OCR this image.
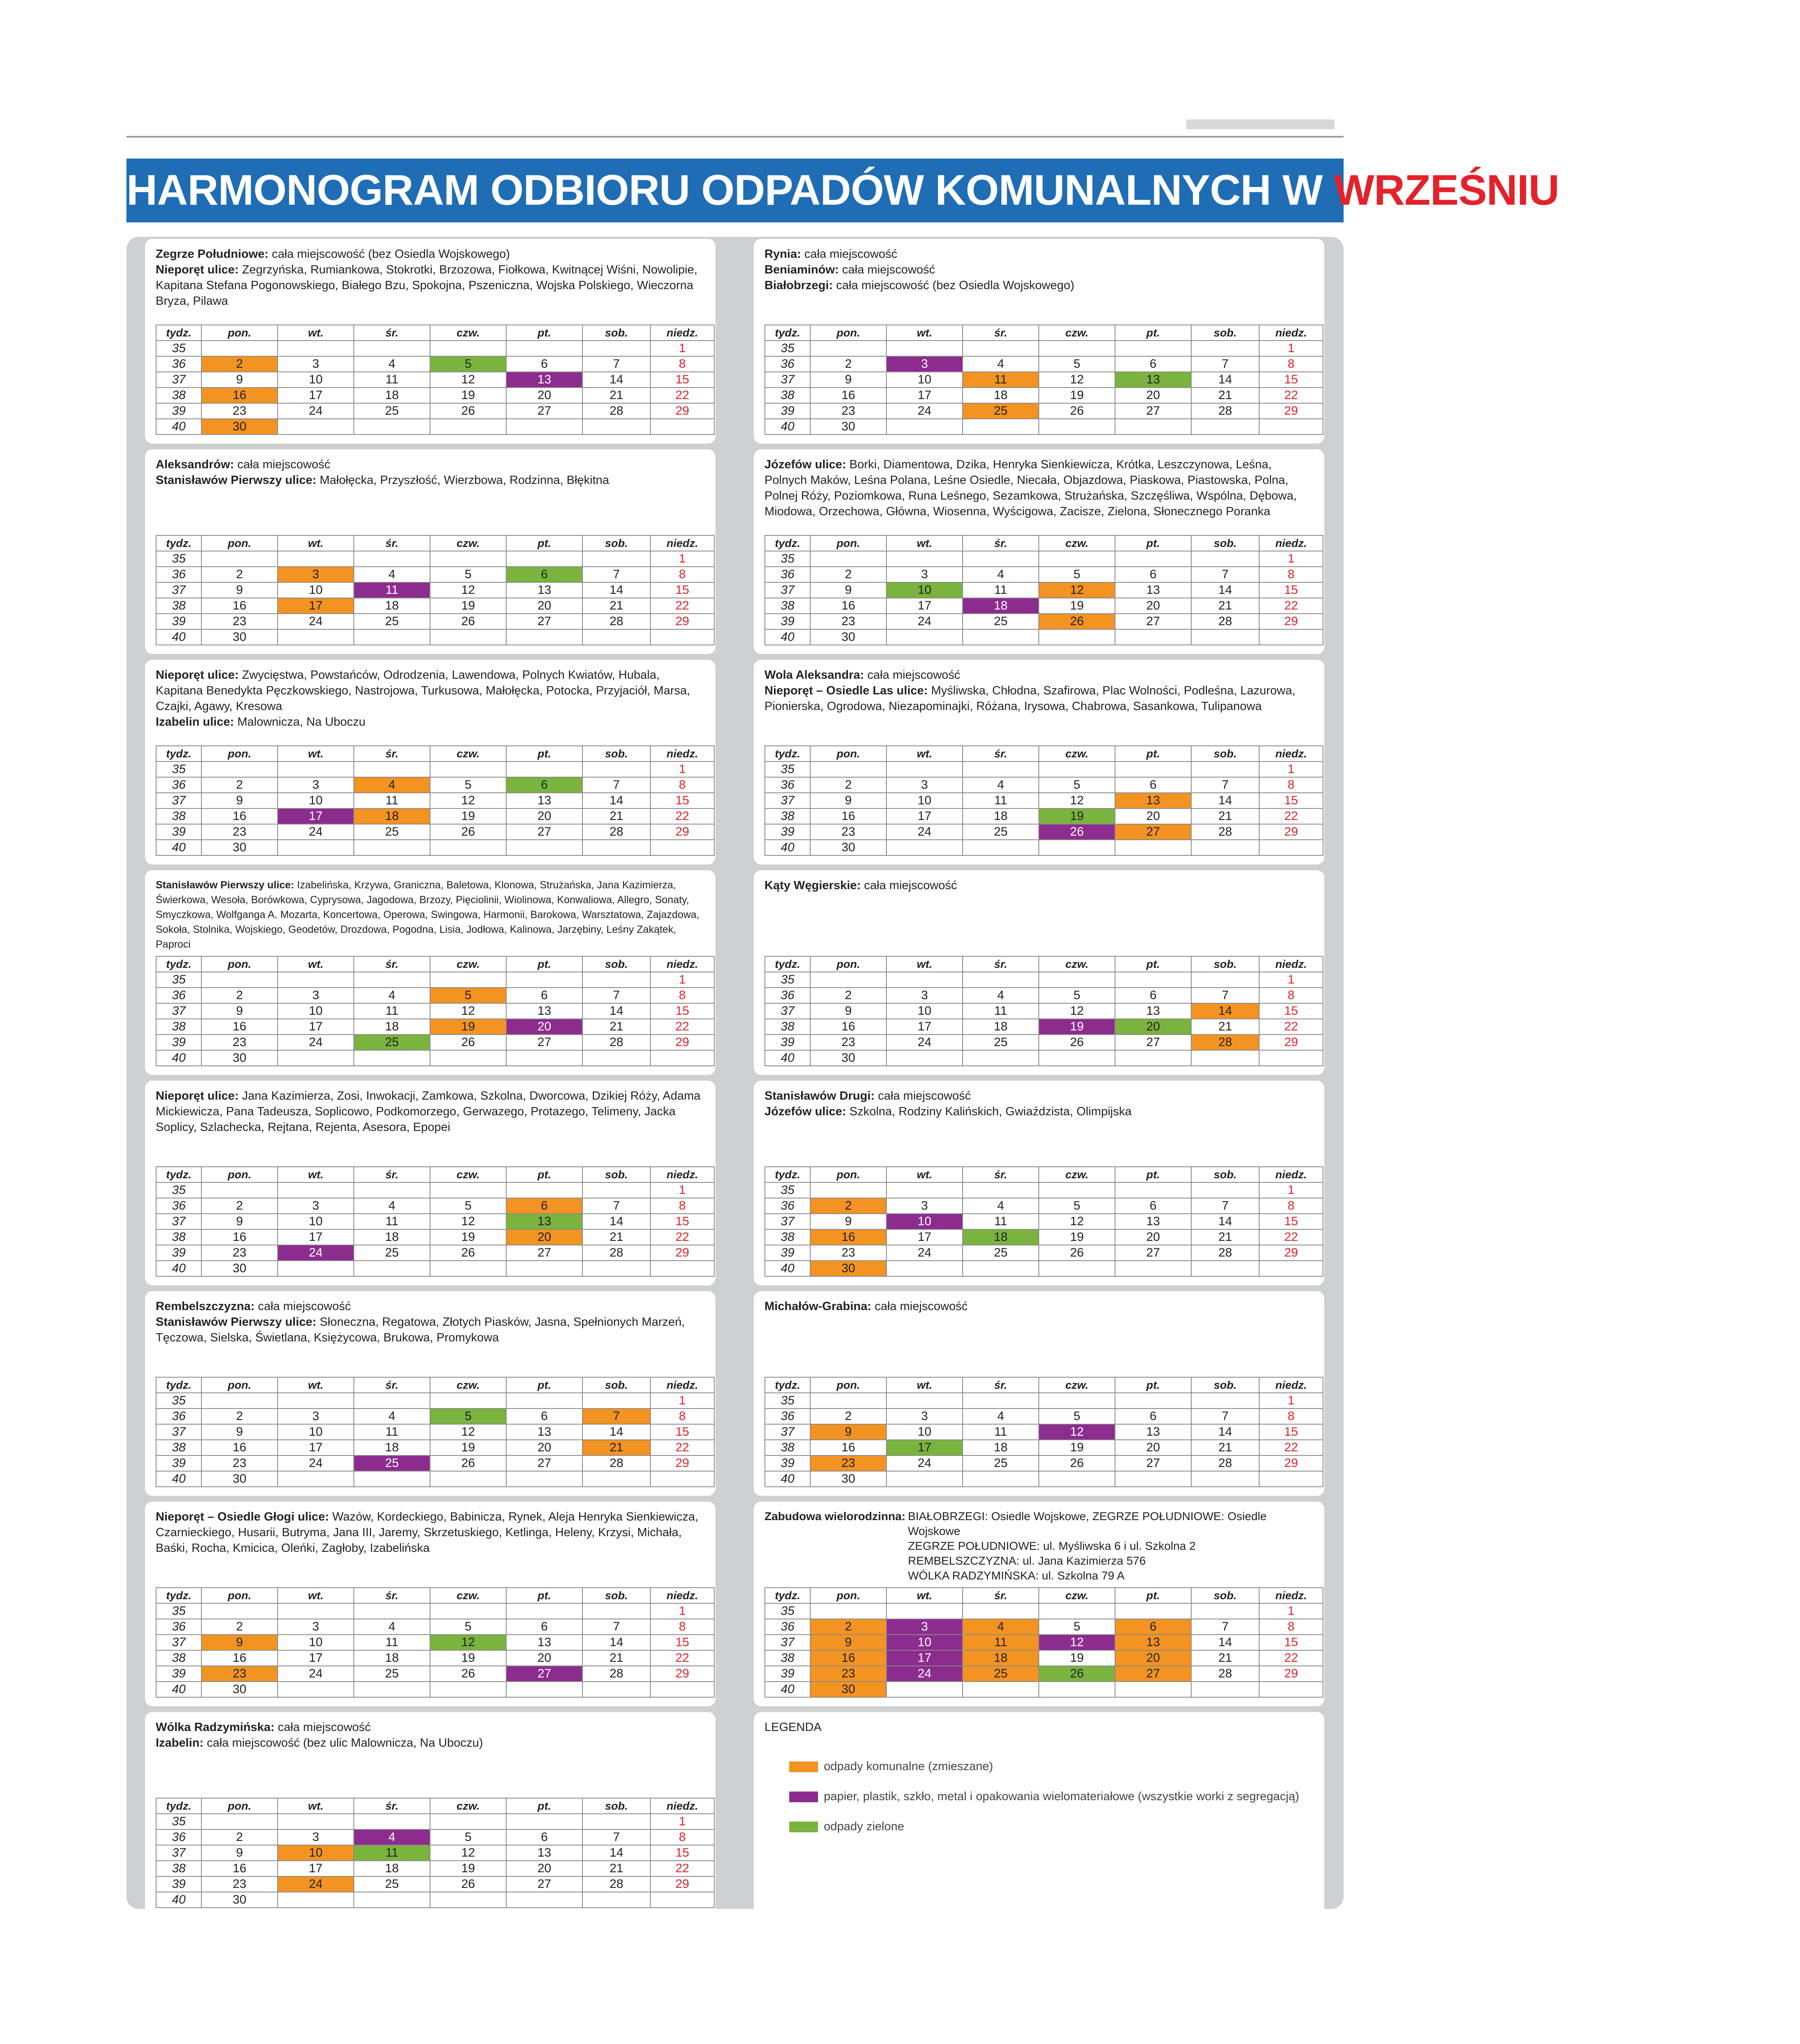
HARMONOGRAM ODBIORU ODPADÓW KOMUNALNYCH W WRZEŚNIU 2019 ROKU

Zegrze Południowe: cała miejscowość (bez Osiedla Wojskowego)

Nieporęt ulice: Zegrzyńska, Rumiankowa, Stokrotki, Brzozowa, Fiołkowa, Kwitnącej Wiśni, Nowolipie, Kapitana Stefana Pogonowskiego, Białego Bzu, Spokojna, Pszeniczna, Wojska Polskiego, Wieczorna Bryza, Pilawa

tydz.	pon.	wt.	śr.	czw.	pt.	sob.	niedz.
35							1
36	2	3	4	5	6	7	8
37	9	10	11	12	13	14	15
38	16	17	18	19	20	21	22
39	23	24	25	26	27	28	29
40	30						

Aleksandrów: cała miejscowość

Stanisławów Pierwszy ulice: Małołęcka, Przyszłość, Wierzbowa, Rodzinna, Błękitna

tydz.	pon.	wt.	śr.	czw.	pt.	sob.	niedz.
35							1
36	2	3	4	5	6	7	8
37	9	10	11	12	13	14	15
38	16	17	18	19	20	21	22
39	23	24	25	26	27	28	29
40	30						

Nieporęt ulice: Zwycięstwa, Powstańców, Odrodzenia, Lawendowa, Polnych Kwiatów, Hubala, Kapitana Benedykta Pęczkowskiego, Nastrojowa, Turkusowa, Małołęcka, Potocka, Przyjaciół, Marsa, Czajki, Agawy, Kresowa

Izabelin ulice: Malownicza, Na Uboczu

tydz.	pon.	wt.	śr.	czw.	pt.	sob.	niedz.
35							1
36	2	3	4	5	6	7	8
37	9	10	11	12	13	14	15
38	16	17	18	19	20	21	22
39	23	24	25	26	27	28	29
40	30						

Stanisławów Pierwszy ulice: Izabelińska, Krzywa, Graniczna, Baletowa, Klonowa, Strużańska, Jana Kazimierza, Świerkowa, Wesoła, Borówkowa, Cyprysowa, Jagodowa, Brzozy, Pięciolinii, Wiolinowa, Konwaliowa, Allegro, Sonaty, Smyczkowa, Wolfganga A. Mozarta, Koncertowa, Operowa, Swingowa, Harmonii, Barokowa, Warsztatowa, Zajazdowa, Sokoła, Stolnika, Wojskiego, Geodetów, Drozdowa, Pogodna, Lisia, Jodłowa, Kalinowa, Jarzębiny, Leśny Zakątek, Paproci

tydz.	pon.	wt.	śr.	czw.	pt.	sob.	niedz.
35							1
36	2	3	4	5	6	7	8
37	9	10	11	12	13	14	15
38	16	17	18	19	20	21	22
39	23	24	25	26	27	28	29
40	30						

Nieporęt ulice: Jana Kazimierza, Zosi, Inwokacji, Zamkowa, Szkolna, Dworcowa, Dzikiej Róży, Adama Mickiewicza, Pana Tadeusza, Soplicowo, Podkomorzego, Gerwazego, Protazego, Telimeny, Jacka Soplicy, Szlachecka, Rejtana, Rejenta, Asesora, Epopei

tydz.	pon.	wt.	śr.	czw.	pt.	sob.	niedz.
35							1
36	2	3	4	5	6	7	8
37	9	10	11	12	13	14	15
38	16	17	18	19	20	21	22
39	23	24	25	26	27	28	29
40	30						

Rembelszczyzna: cała miejscowość

Stanisławów Pierwszy ulice: Słoneczna, Regatowa, Złotych Piasków, Jasna, Spełnionych Marzeń, Tęczowa, Sielska, Świetlana, Księżycowa, Brukowa, Promykowa

tydz.	pon.	wt.	śr.	czw.	pt.	sob.	niedz.
35							1
36	2	3	4	5	6	7	8
37	9	10	11	12	13	14	15
38	16	17	18	19	20	21	22
39	23	24	25	26	27	28	29
40	30						

Nieporęt – Osiedle Głogi ulice: Wazów, Kordeckiego, Babinicza, Rynek, Aleja Henryka Sienkiewicza, Czarnieckiego, Husarii, Butryma, Jana III, Jaremy, Skrzetuskiego, Ketlinga, Heleny, Krzysi, Michała, Baśki, Rocha, Kmicica, Oleńki, Zagłoby, Izabelińska

tydz.	pon.	wt.	śr.	czw.	pt.	sob.	niedz.
35							1
36	2	3	4	5	6	7	8
37	9	10	11	12	13	14	15
38	16	17	18	19	20	21	22
39	23	24	25	26	27	28	29
40	30						

Wólka Radzymińska: cała miejscowość

Izabelin: cała miejscowość (bez ulic Malownicza, Na Uboczu)

tydz.	pon.	wt.	śr.	czw.	pt.	sob.	niedz.
35							1
36	2	3	4	5	6	7	8
37	9	10	11	12	13	14	15
38	16	17	18	19	20	21	22
39	23	24	25	26	27	28	29
40	30						

Rynia: cała miejscowość

Beniaminów: cała miejscowość

Białobrzegi: cała miejscowość (bez Osiedla Wojskowego)

tydz.	pon.	wt.	śr.	czw.	pt.	sob.	niedz.
35							1
36	2	3	4	5	6	7	8
37	9	10	11	12	13	14	15
38	16	17	18	19	20	21	22
39	23	24	25	26	27	28	29
40	30						

Józefów ulice: Borki, Diamentowa, Dzika, Henryka Sienkiewicza, Krótka, Leszczynowa, Leśna, Polnych Maków, Leśna Polana, Leśne Osiedle, Niecała, Objazdowa, Piaskowa, Piastowska, Polna, Polnej Róży, Poziomkowa, Runa Leśnego, Sezamkowa, Strużańska, Szczęśliwa, Wspólna, Dębowa, Miodowa, Orzechowa, Główna, Wiosenna, Wyścigowa, Zacisze, Zielona, Słonecznego Poranka

tydz.	pon.	wt.	śr.	czw.	pt.	sob.	niedz.
35							1
36	2	3	4	5	6	7	8
37	9	10	11	12	13	14	15
38	16	17	18	19	20	21	22
39	23	24	25	26	27	28	29
40	30						

Wola Aleksandra: cała miejscowość

Nieporęt – Osiedle Las ulice: Myśliwska, Chłodna, Szafirowa, Plac Wolności, Podleśna, Lazurowa, Pionierska, Ogrodowa, Niezapominajki, Różana, Irysowa, Chabrowa, Sasankowa, Tulipanowa

tydz.	pon.	wt.	śr.	czw.	pt.	sob.	niedz.
35							1
36	2	3	4	5	6	7	8
37	9	10	11	12	13	14	15
38	16	17	18	19	20	21	22
39	23	24	25	26	27	28	29
40	30						

Kąty Węgierskie: cała miejscowość

tydz.	pon.	wt.	śr.	czw.	pt.	sob.	niedz.
35							1
36	2	3	4	5	6	7	8
37	9	10	11	12	13	14	15
38	16	17	18	19	20	21	22
39	23	24	25	26	27	28	29
40	30						

Stanisławów Drugi: cała miejscowość

Józefów ulice: Szkolna, Rodziny Kalińskich, Gwiaździsta, Olimpijska

tydz.	pon.	wt.	śr.	czw.	pt.	sob.	niedz.
35							1
36	2	3	4	5	6	7	8
37	9	10	11	12	13	14	15
38	16	17	18	19	20	21	22
39	23	24	25	26	27	28	29
40	30						

Michałów-Grabina: cała miejscowość

tydz.	pon.	wt.	śr.	czw.	pt.	sob.	niedz.
35							1
36	2	3	4	5	6	7	8
37	9	10	11	12	13	14	15
38	16	17	18	19	20	21	22
39	23	24	25	26	27	28	29
40	30						
Zabudowa wielorodzinna: BIAŁOBRZEGI: Osiedle Wojskowe, ZEGRZE POŁUDNIOWE: Osiedle Wojskowe
ZEGRZE POŁUDNIOWE: ul. Myśliwska 6 i ul. Szkolna 2
REMBELSZCZYZNA: ul. Jana Kazimierza 576
WÓLKA RADZYMIŃSKA: ul. Szkolna 79 A
tydz.	pon.	wt.	śr.	czw.	pt.	sob.	niedz.
35							1
36	2	3	4	5	6	7	8
37	9	10	11	12	13	14	15
38	16	17	18	19	20	21	22
39	23	24	25	26	27	28	29
40	30						
LEGENDA
odpady komunalne (zmieszane)
papier, plastik, szkło, metal i opakowania wielomateriałowe (wszystkie worki z segregacją)
odpady zielone
